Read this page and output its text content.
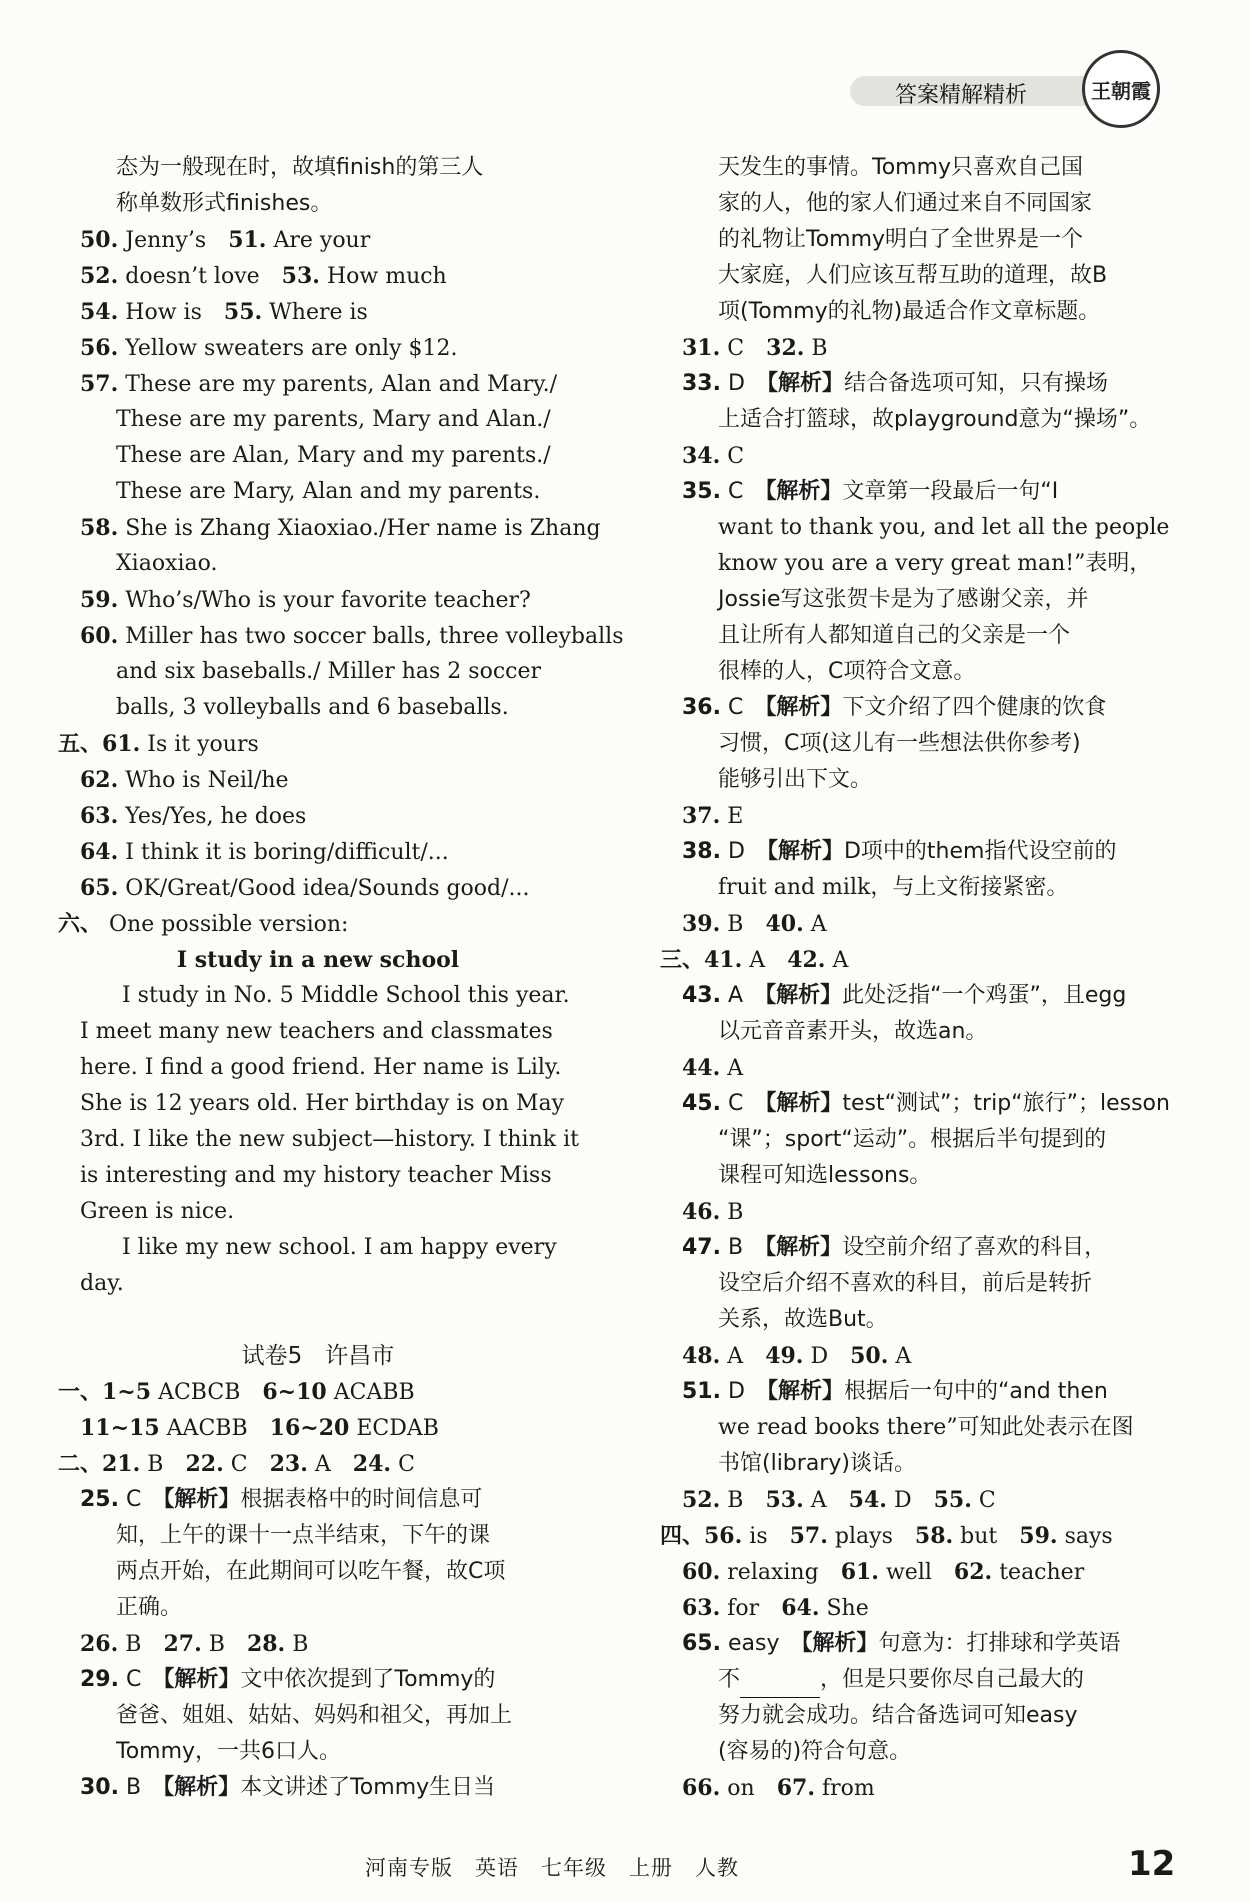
答案精解精析	王朝霞
态为一般现在时，故填finish的第三人
称单数形式finishes。
50. Jenny’s　 51. Are your
52. doesn’t love　 53. How much
54. How is　 55. Where is
56. Yellow sweaters are only $12.
57. These are my parents, Alan and Mary./
These are my parents, Mary and Alan./
These are Alan, Mary and my parents./
These are Mary, Alan and my parents.
58. She is Zhang Xiaoxiao./Her name is Zhang
Xiaoxiao.
59. Who’s/Who is your favorite teacher?
60. Miller has two soccer balls, three volleyballs
and six baseballs./ Miller has 2 soccer
balls, 3 volleyballs and 6 baseballs.
五、61. Is it yours
62. Who is Neil/he
63. Yes/Yes, he does
64. I think it is boring/difficult/...
65. OK/Great/Good idea/Sounds good/...
六、 One possible version:
I study in a new school
I study in No. 5 Middle School this year.
I meet many new teachers and classmates
here. I find a good friend. Her name is Lily.
She is 12 years old. Her birthday is on May
3rd. I like the new subject—history. I think it
is interesting and my history teacher Miss
Green is nice.
I like my new school. I am happy every
day.
试卷5　许昌市
一、1~5 ACBCB　 6~10 ACABB
11~15 AACBB　 16~20 ECDAB
二、21. B　 22. C　 23. A　 24. C
25. C　 【解析】根据表格中的时间信息可
知，上午的课十一点半结束，下午的课
两点开始，在此期间可以吃午餐，故C项
正确。
26. B　 27. B　 28. B
29. C　 【解析】文中依次提到了Tommy的
爸爸、姐姐、姑姑、妈妈和祖父，再加上
Tommy，一共6口人。
30. B　 【解析】本文讲述了Tommy生日当
天发生的事情。Tommy只喜欢自己国
家的人，他的家人们通过来自不同国家
的礼物让Tommy明白了全世界是一个
大家庭，人们应该互帮互助的道理，故B
项(Tommy的礼物)最适合作文章标题。
31. C　 32. B
33. D　 【解析】结合备选项可知，只有操场
上适合打篮球，故playground意为“操场”。
34. C
35. C　 【解析】文章第一段最后一句“I
want to thank you, and let all the people
know you are a very great man!”表明，
Jossie写这张贺卡是为了感谢父亲，并
且让所有人都知道自己的父亲是一个
很棒的人，C项符合文意。
36. C　 【解析】下文介绍了四个健康的饮食
习惯，C项(这儿有一些想法供你参考)
能够引出下文。
37. E
38. D　 【解析】D项中的them指代设空前的
fruit and milk，与上文衔接紧密。
39. B　 40. A
三、41. A　 42. A
43. A　 【解析】此处泛指“一个鸡蛋”，且egg
以元音音素开头，故选an。
44. A
45. C　 【解析】test“测试”；trip“旅行”；lesson
“课”；sport“运动”。根据后半句提到的
课程可知选lessons。
46. B
47. B　 【解析】设空前介绍了喜欢的科目，
设空后介绍不喜欢的科目，前后是转折
关系，故选But。
48. A　 49. D　 50. A
51. D　 【解析】根据后一句中的“and then
we read books there”可知此处表示在图
书馆(library)谈话。
52. B　 53. A　 54. D　 55. C
四、56. is　 57. plays　 58. but　 59. says
60. relaxing　 61. well　 62. teacher
63. for　 64. She
65. easy　 【解析】句意为：打排球和学英语
不	，但是只要你尽自己最大的
努力就会成功。结合备选词可知easy
(容易的)符合句意。
66. on　 67. from
河南专版　英语　七年级　上册　人教	12
